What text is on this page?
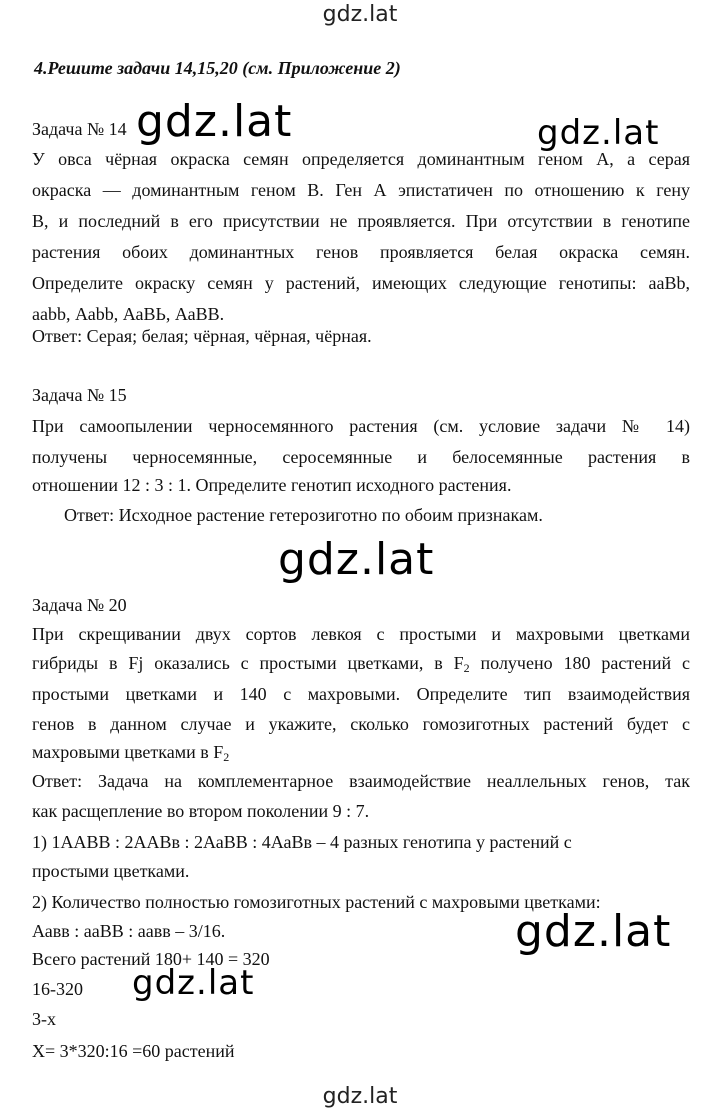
gdz.lat
4.Решите задачи 14,15,20 (см. Приложение 2)
Задача № 14
У овса чёрная окраска семян определяется доминантным геном А, а серая
окраска — доминантным геном В. Ген А эпистатичен по отношению к гену
В, и последний в его присутствии не проявляется. При отсутствии в генотипе
растения обоих доминантных генов проявляется белая окраска семян.
Определите окраску семян у растений, имеющих следующие генотипы: ааВb,
ааbb, Ааbb, АаВЬ, АаВВ.
Ответ: Серая; белая; чёрная, чёрная, чёрная.
Задача № 15
При самоопылении черносемянного растения (см. условие задачи № 14)
получены черносемянные, серосемянные и белосемянные растения в
отношении 12 : 3 : 1. Определите генотип исходного растения.
Ответ: Исходное растение гетерозиготно по обоим признакам.
Задача № 20
При скрещивании двух сортов левкоя с простыми и махровыми цветками
гибриды в Fj оказались с простыми цветками, в $F_2$ получено 180 растений с
простыми цветками и 140 с махровыми. Определите тип взаимодействия
генов в данном случае и укажите, сколько гомозиготных растений будет с
махровыми цветками в $F_2$
Ответ: Задача на комплементарное взаимодействие неаллельных генов, так
как расщепление во втором поколении 9 : 7.
1) 1ААВВ : 2ААВв : 2АаВВ : 4АаВв – 4 разных генотипа у растений с
простыми цветками.
2) Количество полностью гомозиготных растений с махровыми цветками:
Аавв : ааВВ : аавв – 3/16.
Всего растений 180+ 140 = 320
16-320
3-х
Х= 3*320:16 =60 растений
gdz.lat	gdz.lat
gdz.lat
gdz.lat
gdz.lat
gdz.lat
